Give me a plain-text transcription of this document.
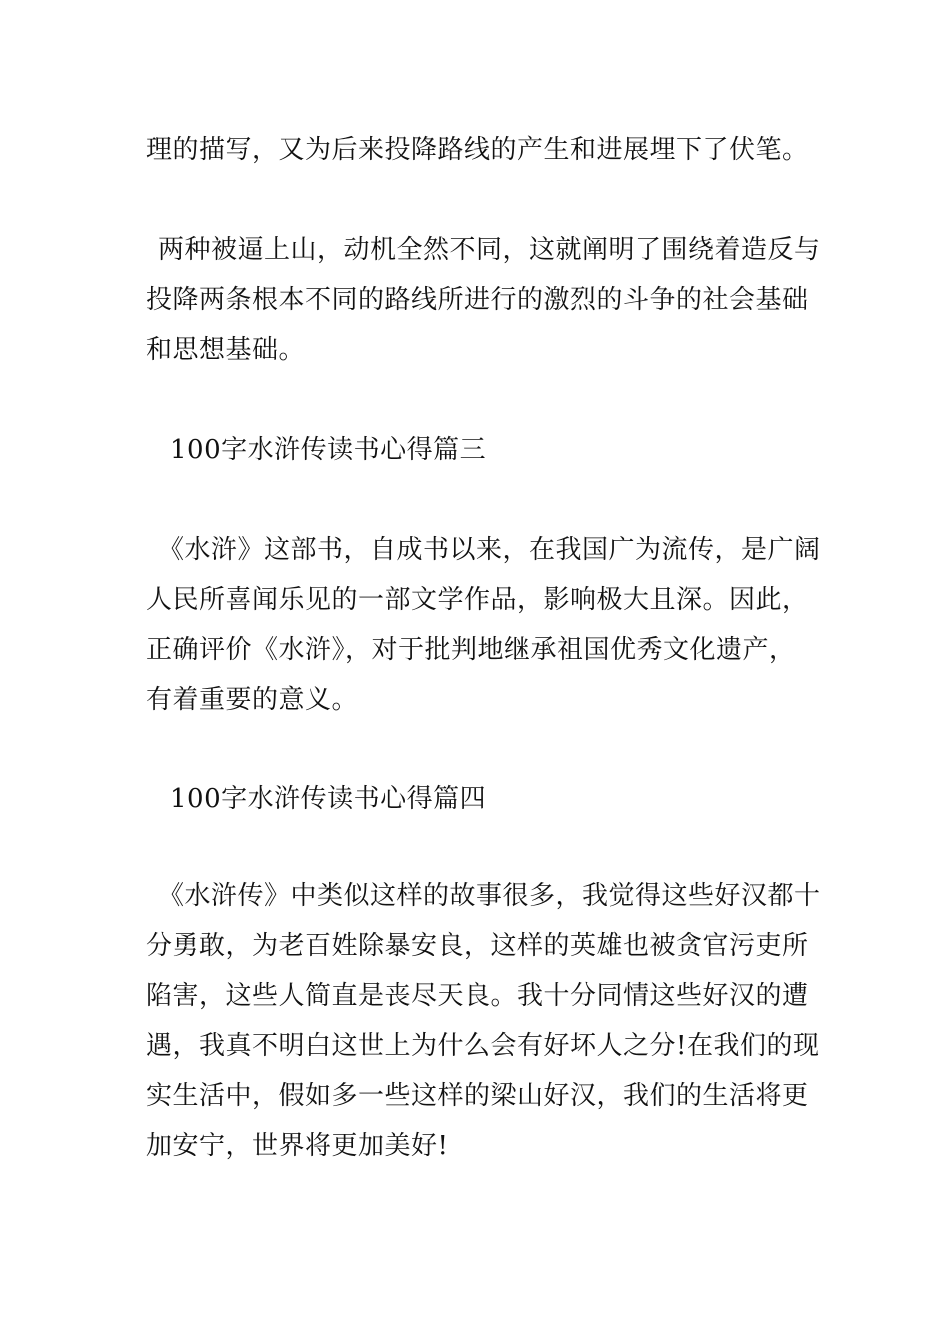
理的描写，又为后来投降路线的产生和进展埋下了伏笔。
两种被逼上山，动机全然不同，这就阐明了围绕着造反与
投降两条根本不同的路线所进行的激烈的斗争的社会基础
和思想基础。
100字水浒传读书心得篇三
《水浒》这部书，自成书以来，在我国广为流传，是广阔
人民所喜闻乐见的一部文学作品，影响极大且深。因此，
正确评价《水浒》，对于批判地继承祖国优秀文化遗产，
有着重要的意义。
100字水浒传读书心得篇四
《水浒传》中类似这样的故事很多，我觉得这些好汉都十
分勇敢，为老百姓除暴安良，这样的英雄也被贪官污吏所
陷害，这些人简直是丧尽天良。我十分同情这些好汉的遭
遇，我真不明白这世上为什么会有好坏人之分!在我们的现
实生活中，假如多一些这样的梁山好汉，我们的生活将更
加安宁，世界将更加美好!
